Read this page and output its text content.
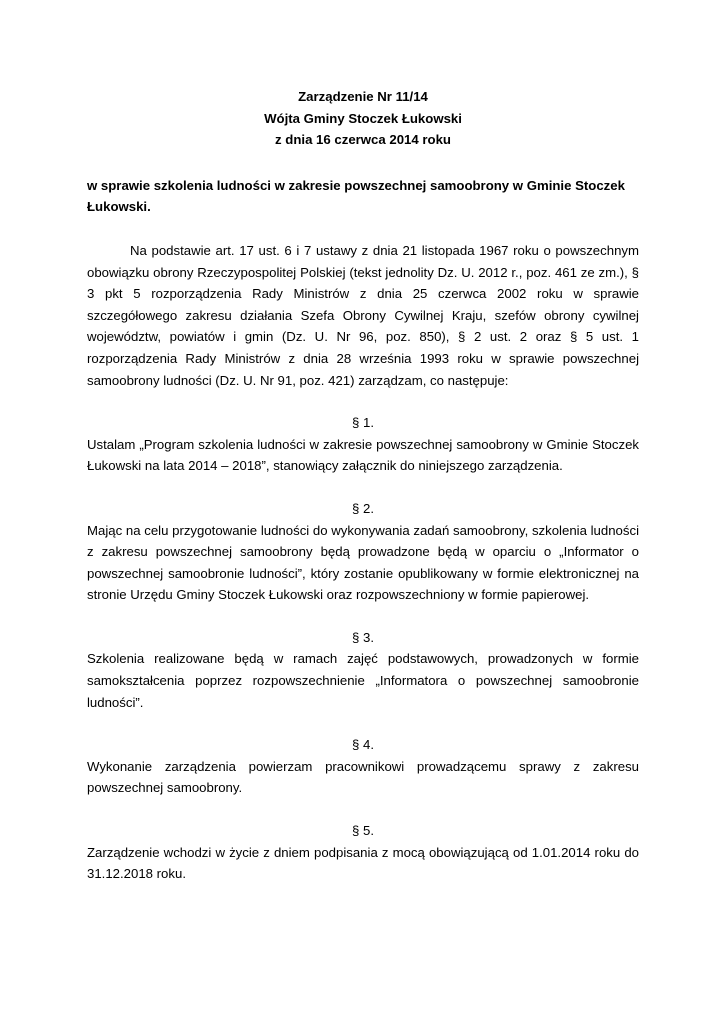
Zarządzenie Nr 11/14
Wójta Gminy Stoczek Łukowski
z dnia 16 czerwca 2014 roku

w sprawie szkolenia ludności w zakresie powszechnej samoobrony w Gminie Stoczek Łukowski.

Na podstawie art. 17 ust. 6 i 7 ustawy z dnia 21 listopada 1967 roku o powszechnym obowiązku obrony Rzeczypospolitej Polskiej (tekst jednolity Dz. U. 2012 r., poz. 461 ze zm.), § 3 pkt 5 rozporządzenia Rady Ministrów z dnia 25 czerwca 2002 roku w sprawie szczegółowego zakresu działania Szefa Obrony Cywilnej Kraju, szefów obrony cywilnej województw, powiatów i gmin (Dz. U. Nr 96, poz. 850), § 2 ust. 2 oraz § 5 ust. 1 rozporządzenia Rady Ministrów z dnia 28 września 1993 roku w sprawie powszechnej samoobrony ludności (Dz. U. Nr 91, poz. 421) zarządzam, co następuje:

§ 1.

Ustalam „Program szkolenia ludności w zakresie powszechnej samoobrony w Gminie Stoczek Łukowski na lata 2014 – 2018”, stanowiący załącznik do niniejszego zarządzenia.

§ 2.

Mając na celu przygotowanie ludności do wykonywania zadań samoobrony, szkolenia ludności z zakresu powszechnej samoobrony będą prowadzone będą w oparciu o „Informator o powszechnej samoobronie ludności”, który zostanie opublikowany w formie elektronicznej na stronie Urzędu Gminy Stoczek Łukowski oraz rozpowszechniony w formie papierowej.

§ 3.

Szkolenia realizowane będą w ramach zajęć podstawowych, prowadzonych w formie samokształcenia poprzez rozpowszechnienie „Informatora o powszechnej samoobronie ludności”.

§ 4.

Wykonanie zarządzenia powierzam pracownikowi prowadzącemu sprawy z zakresu powszechnej samoobrony.

§ 5.

Zarządzenie wchodzi w życie z dniem podpisania z mocą obowiązującą od 1.01.2014 roku do 31.12.2018 roku.
